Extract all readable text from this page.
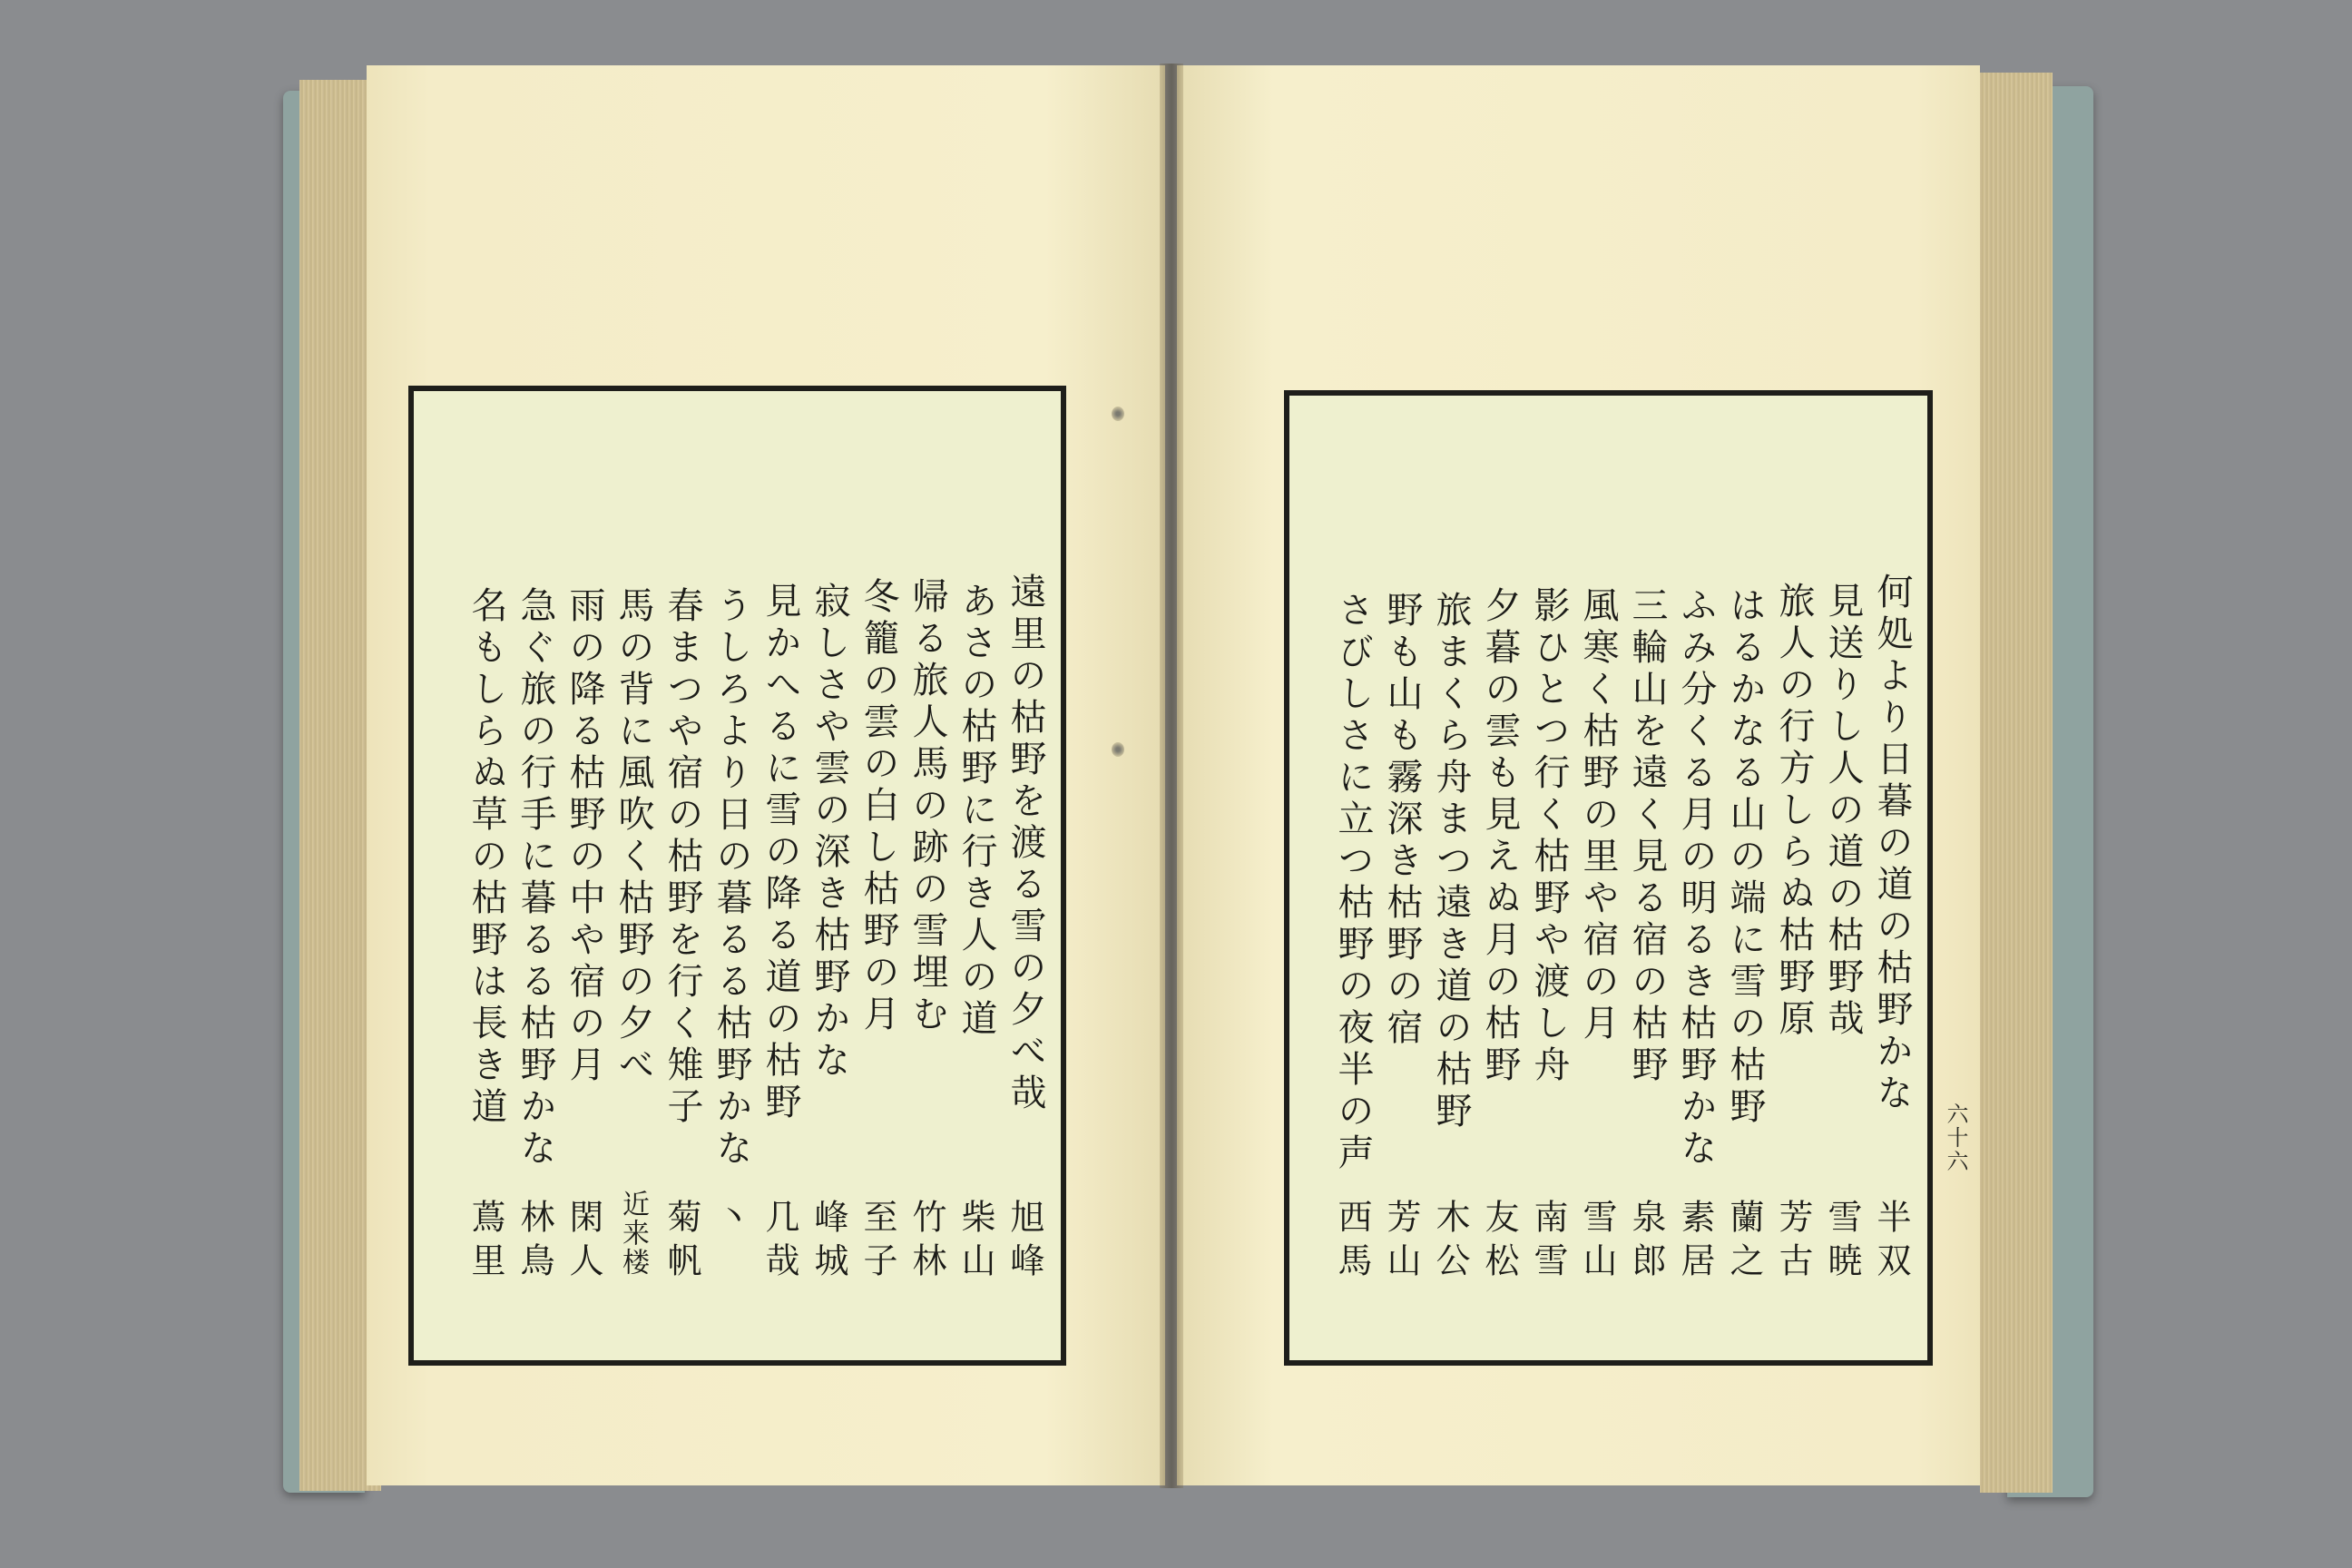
遠里の枯野を渡る雪の夕べ哉
あさの枯野に行き人の道
帰る旅人馬の跡の雪埋む
冬籠の雲の白し枯野の月
寂しさや雲の深き枯野かな
見かへるに雪の降る道の枯野
うしろより日の暮るる枯野かな
春まつや宿の枯野を行く雉子
馬の背に風吹く枯野の夕べ
雨の降る枯野の中や宿の月
急ぐ旅の行手に暮るる枯野かな
名もしらぬ草の枯野は長き道
旭峰
柴山
竹林
至子
峰城
几哉
丶
菊帆
近来楼
閑人
林鳥
蔦里
何処より日暮の道の枯野かな
見送りし人の道の枯野哉
旅人の行方しらぬ枯野原
はるかなる山の端に雪の枯野
ふみ分くる月の明るき枯野かな
三輪山を遠く見る宿の枯野
風寒く枯野の里や宿の月
影ひとつ行く枯野や渡し舟
夕暮の雲も見えぬ月の枯野
旅まくら舟まつ遠き道の枯野
野も山も霧深き枯野の宿
さびしさに立つ枯野の夜半の声
半双
雪暁
芳古
蘭之
素居
泉郎
雪山
南雪
友松
木公
芳山
西馬
六十六
